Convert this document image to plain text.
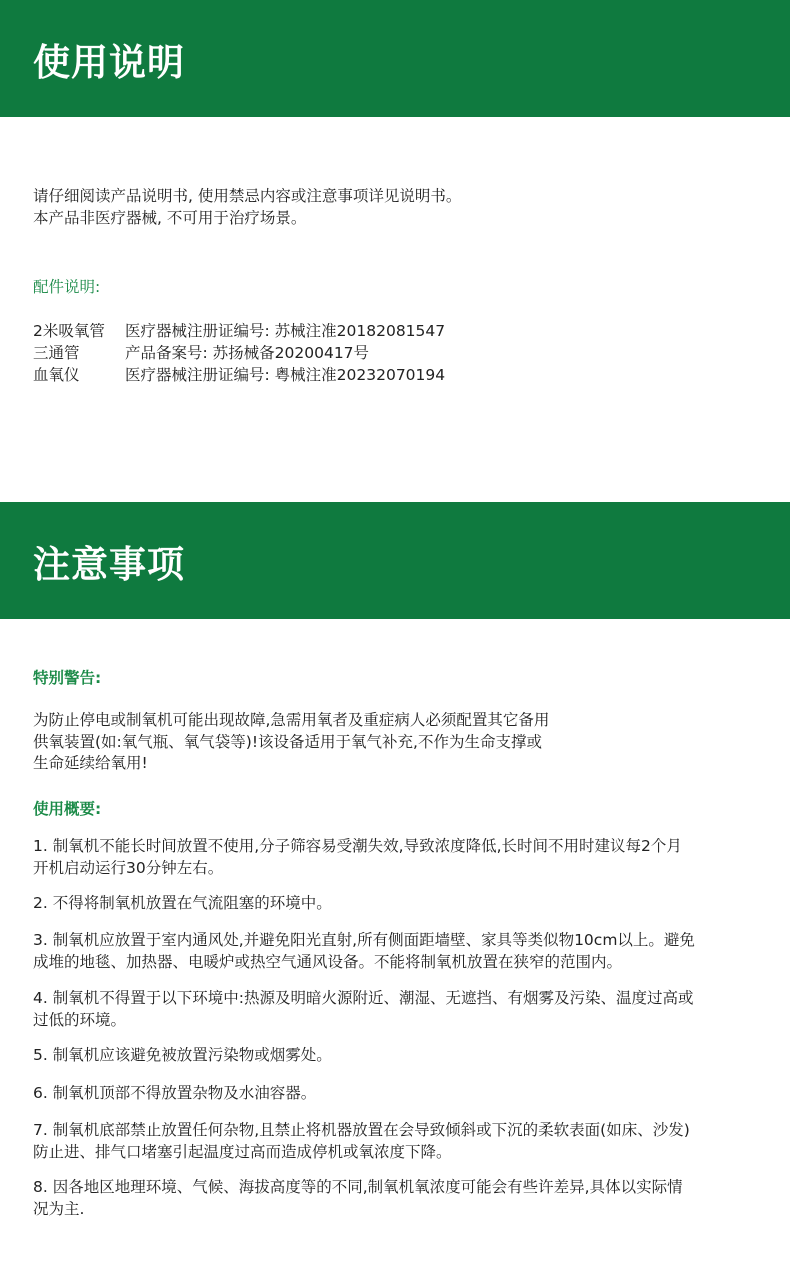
使用说明

请仔细阅读产品说明书, 使用禁忌内容或注意事项详见说明书。

本产品非医疗器械, 不可用于治疗场景。

配件说明:
2米吸氧管	医疗器械注册证编号: 苏械注准20182081547
三通管	产品备案号: 苏扬械备20200417号
血氧仪	医疗器械注册证编号: 粤械注准20232070194
注意事项
特别警告:

为防止停电或制氧机可能出现故障,急需用氧者及重症病人必须配置其它备用

供氧装置(如:氧气瓶、氧气袋等)!该设备适用于氧气补充,不作为生命支撑或

生命延续给氧用!

使用概要:

1. 制氧机不能长时间放置不使用,分子筛容易受潮失效,导致浓度降低,长时间不用时建议每2个月

开机启动运行30分钟左右。

2. 不得将制氧机放置在气流阻塞的环境中。

3. 制氧机应放置于室内通风处,并避免阳光直射,所有侧面距墙壁、家具等类似物10cm以上。避免

成堆的地毯、加热器、电暖炉或热空气通风设备。不能将制氧机放置在狭窄的范围内。

4. 制氧机不得置于以下环境中:热源及明暗火源附近、潮湿、无遮挡、有烟雾及污染、温度过高或

过低的环境。

5. 制氧机应该避免被放置污染物或烟雾处。

6. 制氧机顶部不得放置杂物及水油容器。

7. 制氧机底部禁止放置任何杂物,且禁止将机器放置在会导致倾斜或下沉的柔软表面(如床、沙发)

防止进、排气口堵塞引起温度过高而造成停机或氧浓度下降。

8. 因各地区地理环境、气候、海拔高度等的不同,制氧机氧浓度可能会有些许差异,具体以实际情

况为主.
